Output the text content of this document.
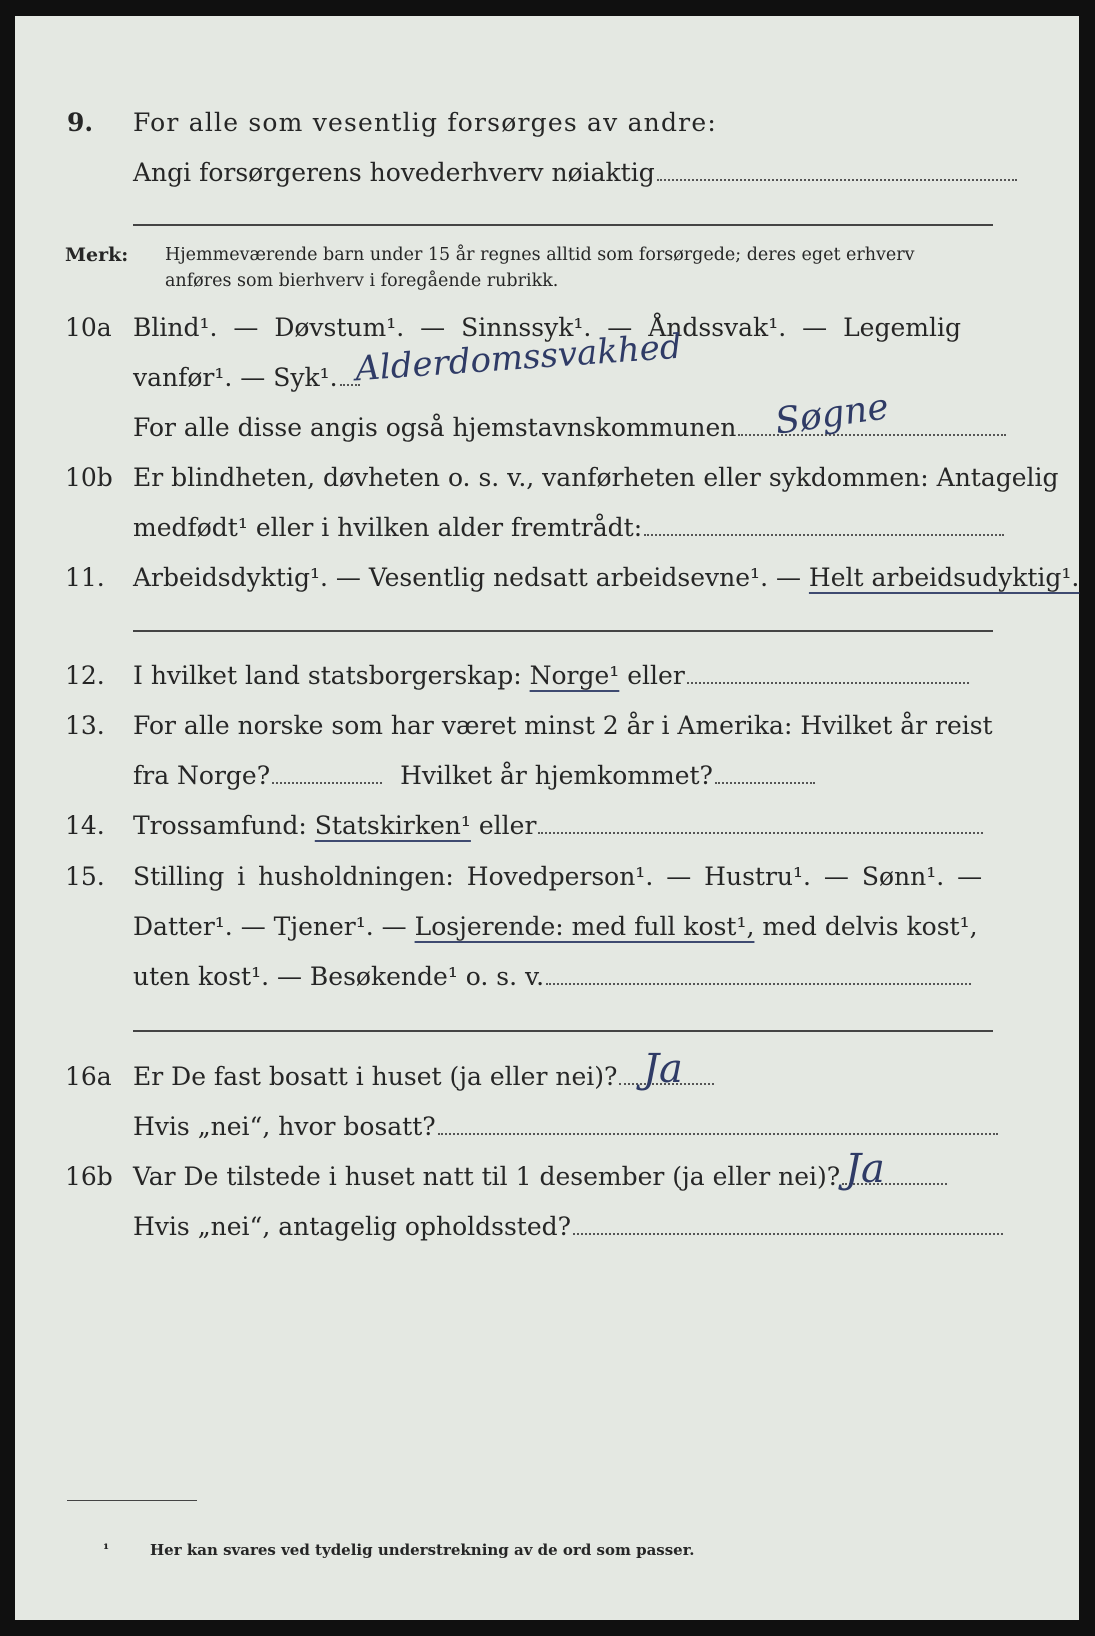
9. For alle som vesentlig forsørges av andre:
Angi forsørgerens hovederhverv nøiaktig
Merk: Hjemmeværende barn under 15 år regnes alltid som forsørgede; deres eget erhverv
anføres som bierhverv i foregående rubrikk.
10a Blind¹. — Døvstum¹. — Sinnssyk¹. — Åndssvak¹. — Legemlig
vanfør¹. — Syk¹. Alderdomssvakhed
For alle disse angis også hjemstavnskommunen	Søgne
10b Er blindheten, døvheten o. s. v., vanførheten eller sykdommen: Antagelig
medfødt¹ eller i hvilken alder fremtrådt:
11. Arbeidsdyktig¹. — Vesentlig nedsatt arbeidsevne¹. — Helt arbeidsudyktig¹.
12. I hvilket land statsborgerskap: Norge¹ eller
13. For alle norske som har været minst 2 år i Amerika: Hvilket år reist
fra Norge?	Hvilket år hjemkommet?
14. Trossamfund: Statskirken¹ eller
15. Stilling i husholdningen: Hovedperson¹. — Hustru¹. — Sønn¹. —
Datter¹. — Tjener¹. — Losjerende: med full kost¹, med delvis kost¹,
uten kost¹. — Besøkende¹ o. s. v.
16a Er De fast bosatt i huset (ja eller nei)? Ja
Hvis „nei“, hvor bosatt?
16b Var De tilstede i huset natt til 1 desember (ja eller nei)? Ja
Hvis „nei“, antagelig opholdssted?
¹	Her kan svares ved tydelig understrekning av de ord som passer.
